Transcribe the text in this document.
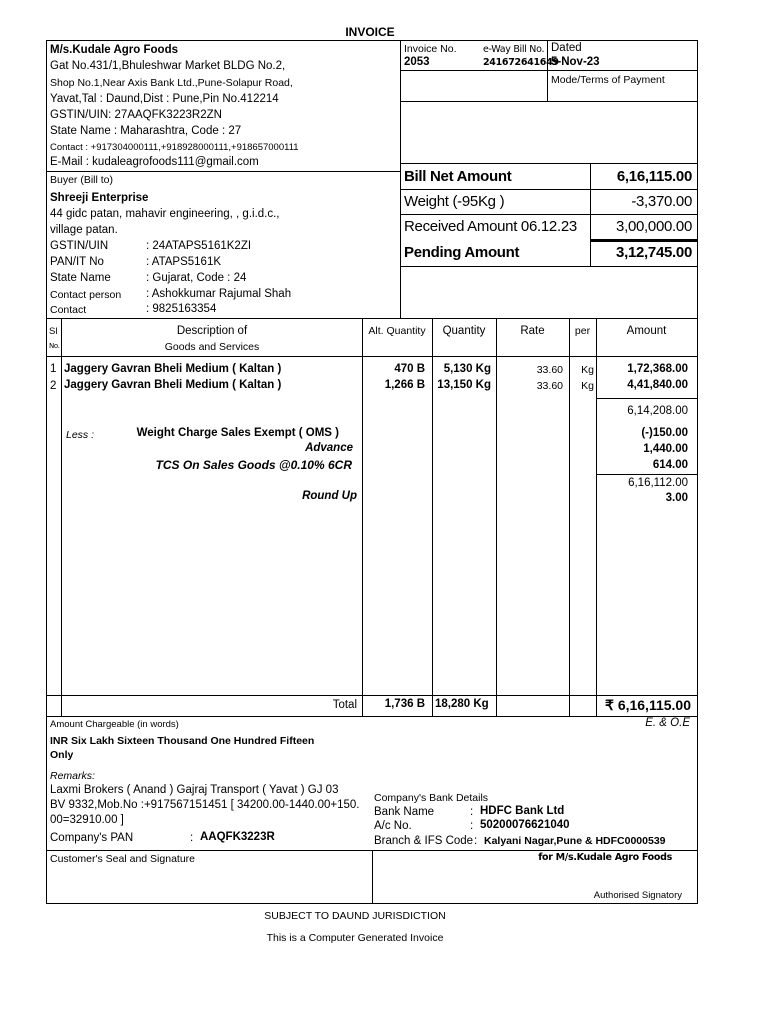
INVOICE
M/s.Kudale Agro Foods
Gat No.431/1,Bhuleshwar Market BLDG No.2,
Shop No.1,Near Axis Bank Ltd.,Pune-Solapur Road,
Yavat,Tal : Daund,Dist : Pune,Pin No.412214
GSTIN/UIN: 27AAQFK3223R2ZN
State Name : Maharashtra, Code : 27
Contact : +917304000111,+918928000111,+918657000111
E-Mail : kudaleagrofoods111@gmail.com
Invoice No.
2053
e-Way Bill No.
241672641649
Dated
5-Nov-23
Mode/Terms of Payment
Buyer (Bill to)
Shreeji Enterprise
44 gidc patan, mahavir engineering, , g.i.d.c.,
village patan.
GSTIN/UIN	: 24ATAPS5161K2ZI
PAN/IT No	: ATAPS5161K
State Name	: Gujarat, Code : 24
Contact person : Ashokkumar Rajumal Shah
Contact	: 9825163354
Bill Net Amount	6,16,115.00
Weight (-95Kg )	-3,370.00
Received Amount 06.12.23	3,00,000.00
Pending Amount	3,12,745.00
Sl
No.
Description of
Goods and Services
Alt. Quantity	Quantity	Rate	per	Amount
1 Jaggery Gavran Bheli Medium ( Kaltan )	470 B	5,130 Kg	33.60	Kg	1,72,368.00
2 Jaggery Gavran Bheli Medium ( Kaltan )	1,266 B	13,150 Kg	33.60	Kg	4,41,840.00
6,14,208.00
Less :	Weight Charge Sales Exempt ( OMS )	(-)150.00
Advance	1,440.00
TCS On Sales Goods @0.10% 6CR	614.00
6,16,112.00
Round Up	3.00
Total	1,736 B 18,280 Kg	₹ 6,16,115.00
Amount Chargeable (in words)	E. & O.E
INR Six Lakh Sixteen Thousand One Hundred Fifteen
Only
Remarks:
Laxmi Brokers ( Anand ) Gajraj Transport ( Yavat ) GJ 03
BV 9332,Mob.No :+917567151451 [ 34200.00-1440.00+150.
00=32910.00 ]
Company's PAN	: AAQFK3223R
Company's Bank Details
Bank Name	: HDFC Bank Ltd
A/c No.	: 50200076621040
Branch & IFS Code : Kalyani Nagar,Pune & HDFC0000539
Customer's Seal and Signature	for M/s.Kudale Agro Foods
Authorised Signatory
SUBJECT TO DAUND JURISDICTION
This is a Computer Generated Invoice
